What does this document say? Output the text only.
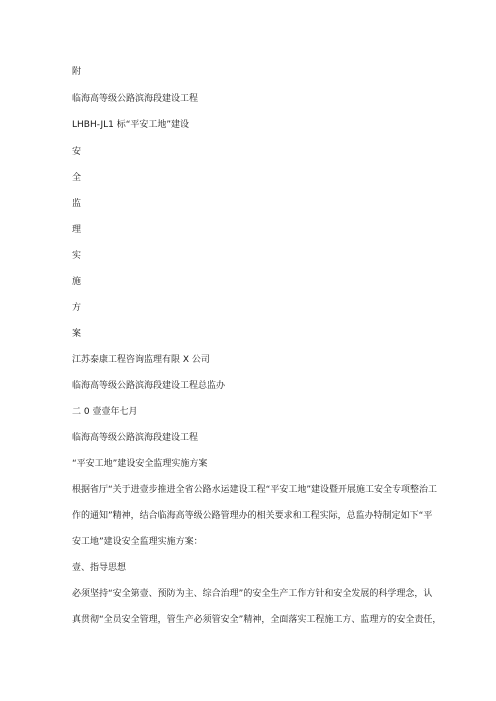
附
临海高等级公路滨海段建设工程
LHBH-JL1 标“平安工地”建设
安
全
监
理
实
施
方
案
江苏泰康工程咨询监理有限 X 公司
临海高等级公路滨海段建设工程总监办
二 0 壹壹年七月
临海高等级公路滨海段建设工程
“平安工地”建设安全监理实施方案
根据省厅“关于进壹步推进全省公路水运建设工程“平安工地”建设暨开展施工安全专项整治工
作的通知”精神，结合临海高等级公路管理办的相关要求和工程实际，总监办特制定如下“平
安工地”建设安全监理实施方案：
壹、指导思想
必须坚持“安全第壹、预防为主、综合治理”的安全生产工作方针和安全发展的科学理念，认
真贯彻“全员安全管理，管生产必须管安全”精神，全面落实工程施工方、监理方的安全责任，
